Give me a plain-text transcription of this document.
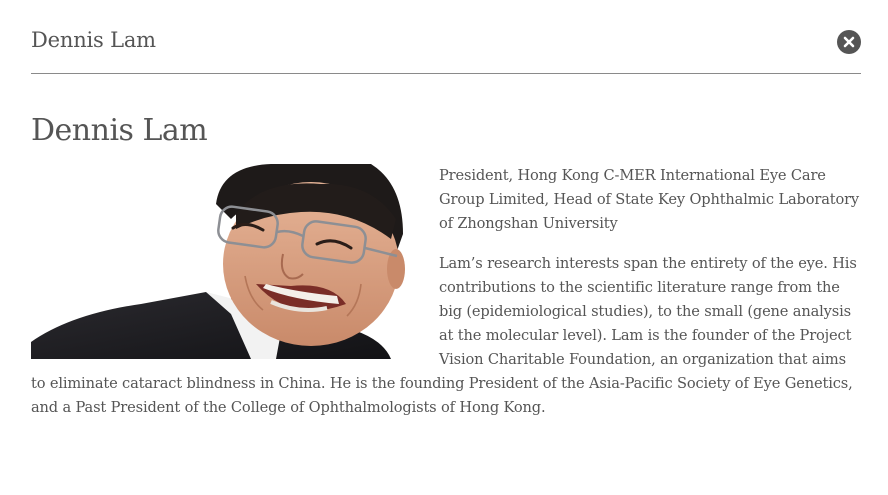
Dennis Lam
Dennis Lam

President, Hong Kong C-MER International Eye Care Group Limited, Head of State Key Ophthalmic Laboratory of Zhongshan University

Lam’s research interests span the entirety of the eye. His contributions to the scientific literature range from the big (epidemiological studies), to the small (gene analysis at the molecular level). Lam is the founder of the Project Vision Charitable Foundation, an organization that aims to eliminate cataract blindness in China. He is the founding President of the Asia-Pacific Society of Eye Genetics, and a Past President of the College of Ophthalmologists of Hong Kong.
